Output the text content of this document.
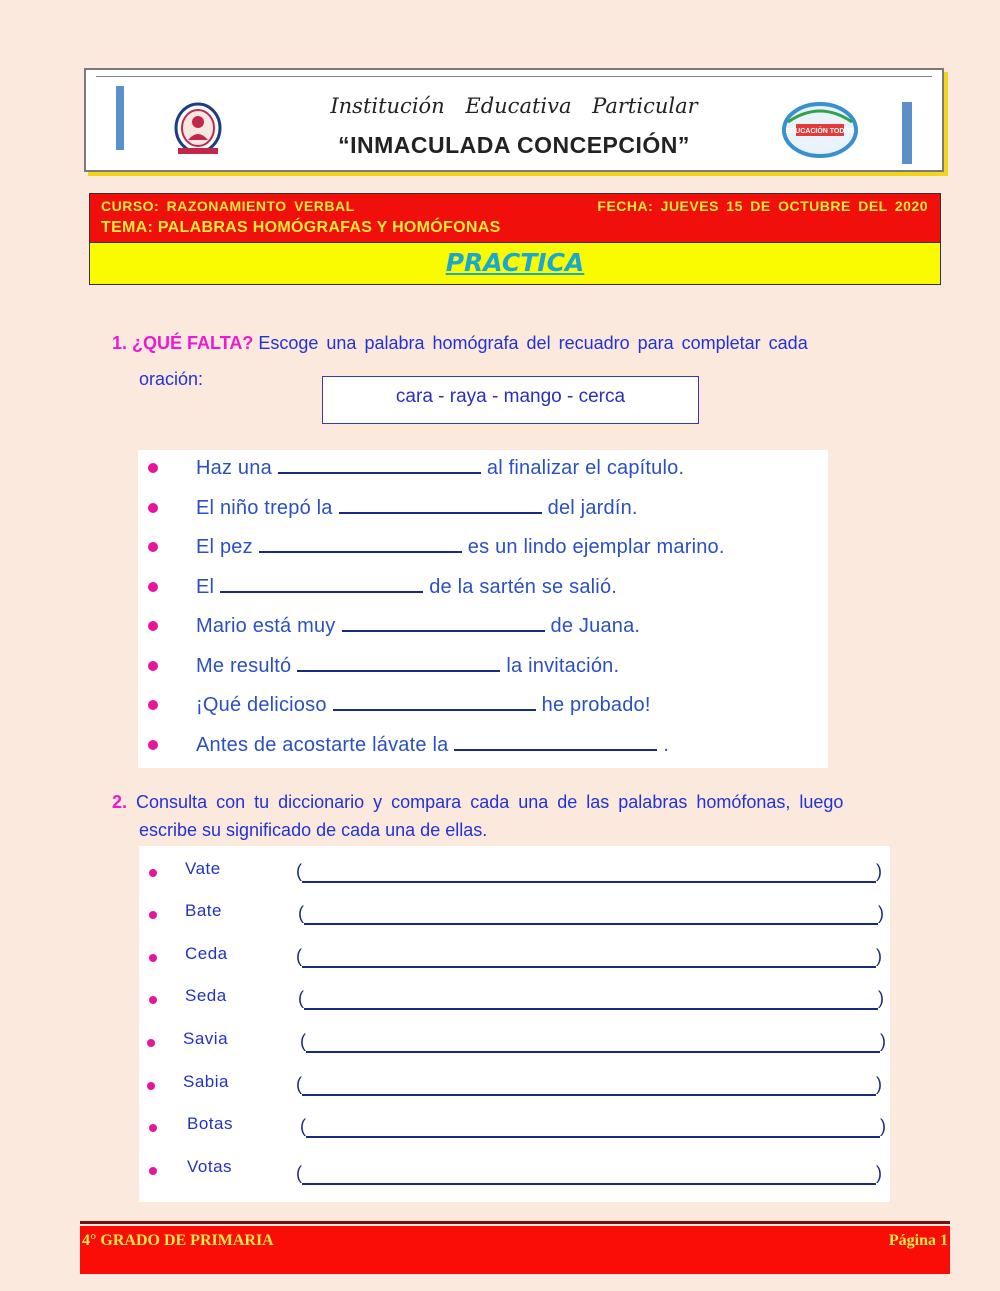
EDUCACIÓN TODOS
Institución Educativa Particular
“INMACULADA CONCEPCIÓN”
CURSO: RAZONAMIENTO VERBAL	FECHA: JUEVES 15 DE OCTUBRE DEL 2020
TEMA: PALABRAS HOMÓGRAFAS Y HOMÓFONAS
PRACTICA
1. ¿QUÉ FALTA? Escoge una palabra homógrafa del recuadro para completar cada
oración:
cara - raya - mango - cerca
Haz una	al finalizar el capítulo.
El niño trepó la	del jardín.
El pez	es un lindo ejemplar marino.
El	de la sartén se salió.
Mario está muy	de Juana.
Me resultó	la invitación.
¡Qué delicioso	he probado!
Antes de acostarte lávate la	.
2. Consulta con tu diccionario y compara cada una de las palabras homófonas, luego
escribe su significado de cada una de ellas.
Vate	(	)
Bate	(	)
Ceda	(	)
Seda	(	)
Savia	(	)
Sabia	(	)
Botas	(	)
Votas	(	)
4° GRADO DE PRIMARIA	Página 1
